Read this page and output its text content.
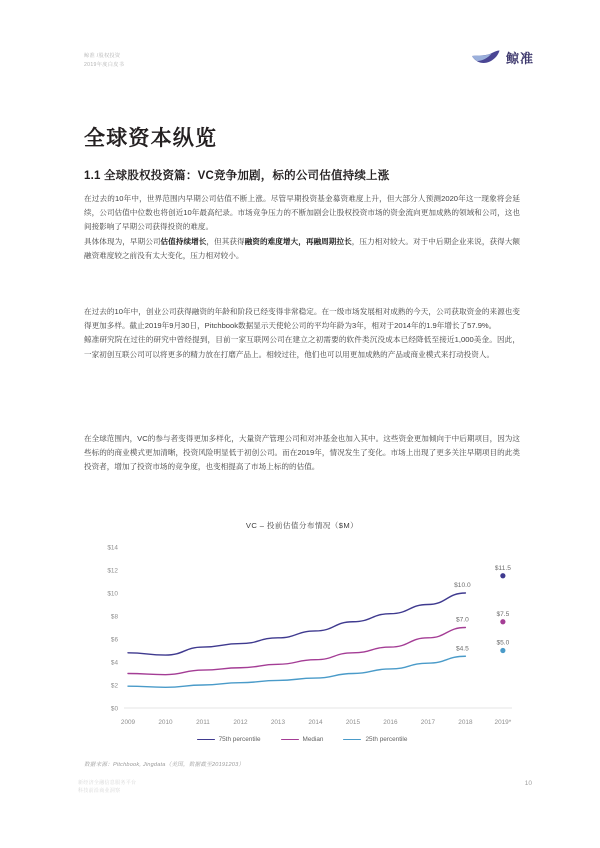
鲸准 /股权投资
2019年度白皮书	鲸准
全球资本纵览
1.1 全球股权投资篇：VC竞争加剧，标的公司估值持续上涨
在过去的10年中，世界范围内早期公司估值不断上涨。尽管早期投资基金募资难度上升，但大部分人预测2020年这一现象将会延续，公司估值中位数也将创近10年最高纪录。市场竞争压力的不断加剧会让股权投资市场的资金流向更加成熟的领域和公司，这也间接影响了早期公司获得投资的难度。
具体体现为，早期公司估值持续增长，但其获得融资的难度增大，再融周期拉长，压力相对较大。对于中后期企业来说，获得大额融资难度较之前没有太大变化，压力相对较小。
在过去的10年中，创业公司获得融资的年龄和阶段已经变得非常稳定。在一级市场发展相对成熟的今天，公司获取资金的来源也变得更加多样。截止2019年9月30日，Pitchbook数据显示天使轮公司的平均年龄为3年，相对于2014年的1.9年增长了57.9%。
鲸准研究院在过往的研究中曾经提到，目前一家互联网公司在建立之初需要的软件类沉没成本已经降低至接近1,000美金。因此，一家初创互联公司可以将更多的精力放在打磨产品上。相较过往，他们也可以用更加成熟的产品或商业模式来打动投资人。
在全球范围内，VC的参与者变得更加多样化，大量资产管理公司和对冲基金也加入其中。这些资金更加倾向于中后期项目，因为这些标的的商业模式更加清晰，投资风险明显低于初创公司。而在2019年，情况发生了变化。市场上出现了更多关注早期项目的此类投资者，增加了投资市场的竞争度，也变相提高了市场上标的的估值。
VC – 投前估值分布情况（$M）
$0
$2
$4
$6
$8
$10
$12
$14
2009	2010	2011	2012	2013	2014	2015	2016	2017	2018	2019*
$10.0
$11.5
$7.0
$7.5
$4.5
$5.0
75th percentile	Median	25th percentile
数据来源：Pitchbook, Jingdata（美国，数据截至20191203）
新经济全融信息服务平台
科技前沿商业洞察
10
